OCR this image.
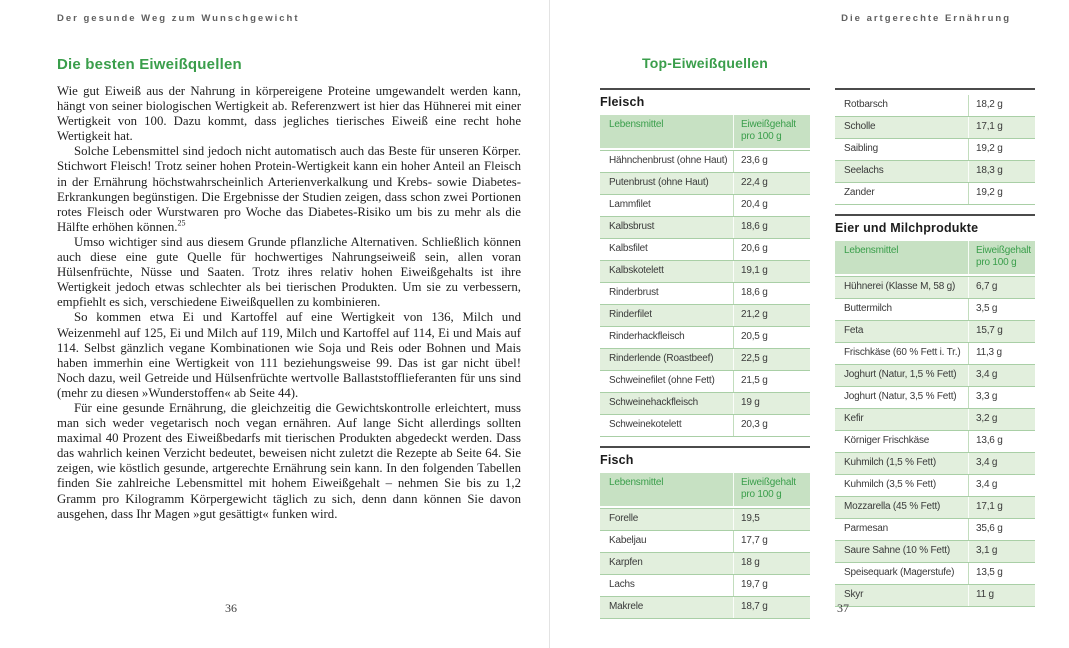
Der gesunde Weg zum Wunschgewicht	Die artgerechte Ernährung
Die besten Eiweißquellen

Wie gut Eiweiß aus der Nahrung in körpereigene Proteine umgewandelt werden kann, hängt von seiner biologischen Wertigkeit ab. Referenzwert ist hier das Hühnerei mit einer Wertigkeit von 100. Dazu kommt, dass jegliches tierisches Eiweiß eine recht hohe Wertigkeit hat.

Solche Lebensmittel sind jedoch nicht automatisch auch das Beste für unseren Körper. Stichwort Fleisch! Trotz seiner hohen Protein-Wertigkeit kann ein hoher Anteil an Fleisch in der Ernährung höchstwahrscheinlich Arterienverkalkung und Krebs- sowie Diabetes-Erkrankungen begünstigen. Die Ergebnisse der Studien zeigen, dass schon zwei Portionen rotes Fleisch oder Wurstwaren pro Woche das Diabetes-Risiko um bis zu mehr als die Hälfte erhöhen können.$^{25}$

Umso wichtiger sind aus diesem Grunde pflanzliche Alternativen. Schließlich können auch diese eine gute Quelle für hochwertiges Nahrungseiweiß sein, allen voran Hülsenfrüchte, Nüsse und Saaten. Trotz ihres relativ hohen Eiweißgehalts ist ihre Wertigkeit jedoch etwas schlechter als bei tierischen Produkten. Um sie zu verbessern, empfiehlt es sich, verschiedene Eiweißquellen zu kombinieren.

So kommen etwa Ei und Kartoffel auf eine Wertigkeit von 136, Milch und Weizenmehl auf 125, Ei und Milch auf 119, Milch und Kartoffel auf 114, Ei und Mais auf 114. Selbst gänzlich vegane Kombinationen wie Soja und Reis oder Bohnen und Mais haben immerhin eine Wertigkeit von 111 beziehungsweise 99. Das ist gar nicht übel! Noch dazu, weil Getreide und Hülsenfrüchte wertvolle Ballaststofflieferanten für uns sind (mehr zu diesen »Wunderstoffen« ab Seite 44).

Für eine gesunde Ernährung, die gleichzeitig die Gewichtskontrolle erleichtert, muss man sich weder vegetarisch noch vegan ernähren. Auf lange Sicht allerdings sollten maximal 40 Prozent des Eiweißbedarfs mit tierischen Produkten abgedeckt werden. Dass das wahrlich keinen Verzicht bedeutet, beweisen nicht zuletzt die Rezepte ab Seite 64. Sie zeigen, wie köstlich gesunde, artgerechte Ernährung sein kann. In den folgenden Tabellen finden Sie zahlreiche Lebensmittel mit hohem Eiweißgehalt – nehmen Sie bis zu 1,2 Gramm pro Kilogramm Körpergewicht täglich zu sich, denn dann können Sie davon ausgehen, dass Ihr Magen »gut gesättigt« funken wird.

Top-Eiweißquellen
Fleisch
Lebensmittel	Eiweißgehalt pro 100 g
Hähnchenbrust (ohne Haut)	23,6 g
Putenbrust (ohne Haut)	22,4 g
Lammfilet	20,4 g
Kalbsbrust	18,6 g
Kalbsfilet	20,6 g
Kalbskotelett	19,1 g
Rinderbrust	18,6 g
Rinderfilet	21,2 g
Rinderhackfleisch	20,5 g
Rinderlende (Roastbeef)	22,5 g
Schweinefilet (ohne Fett)	21,5 g
Schweinehackfleisch	19 g
Schweinekotelett	20,3 g
Fisch
Lebensmittel	Eiweißgehalt pro 100 g
Forelle	19,5
Kabeljau	17,7 g
Karpfen	18 g
Lachs	19,7 g
Makrele	18,7 g
Rotbarsch	18,2 g
Scholle	17,1 g
Saibling	19,2 g
Seelachs	18,3 g
Zander	19,2 g
Eier und Milchprodukte
Lebensmittel	Eiweißgehalt pro 100 g
Hühnerei (Klasse M, 58 g)	6,7 g
Buttermilch	3,5 g
Feta	15,7 g
Frischkäse (60 % Fett i. Tr.)	11,3 g
Joghurt (Natur, 1,5 % Fett)	3,4 g
Joghurt (Natur, 3,5 % Fett)	3,3 g
Kefir	3,2 g
Körniger Frischkäse	13,6 g
Kuhmilch (1,5 % Fett)	3,4 g
Kuhmilch (3,5 % Fett)	3,4 g
Mozzarella (45 % Fett)	17,1 g
Parmesan	35,6 g
Saure Sahne (10 % Fett)	3,1 g
Speisequark (Magerstufe)	13,5 g
Skyr	11 g
36	37
